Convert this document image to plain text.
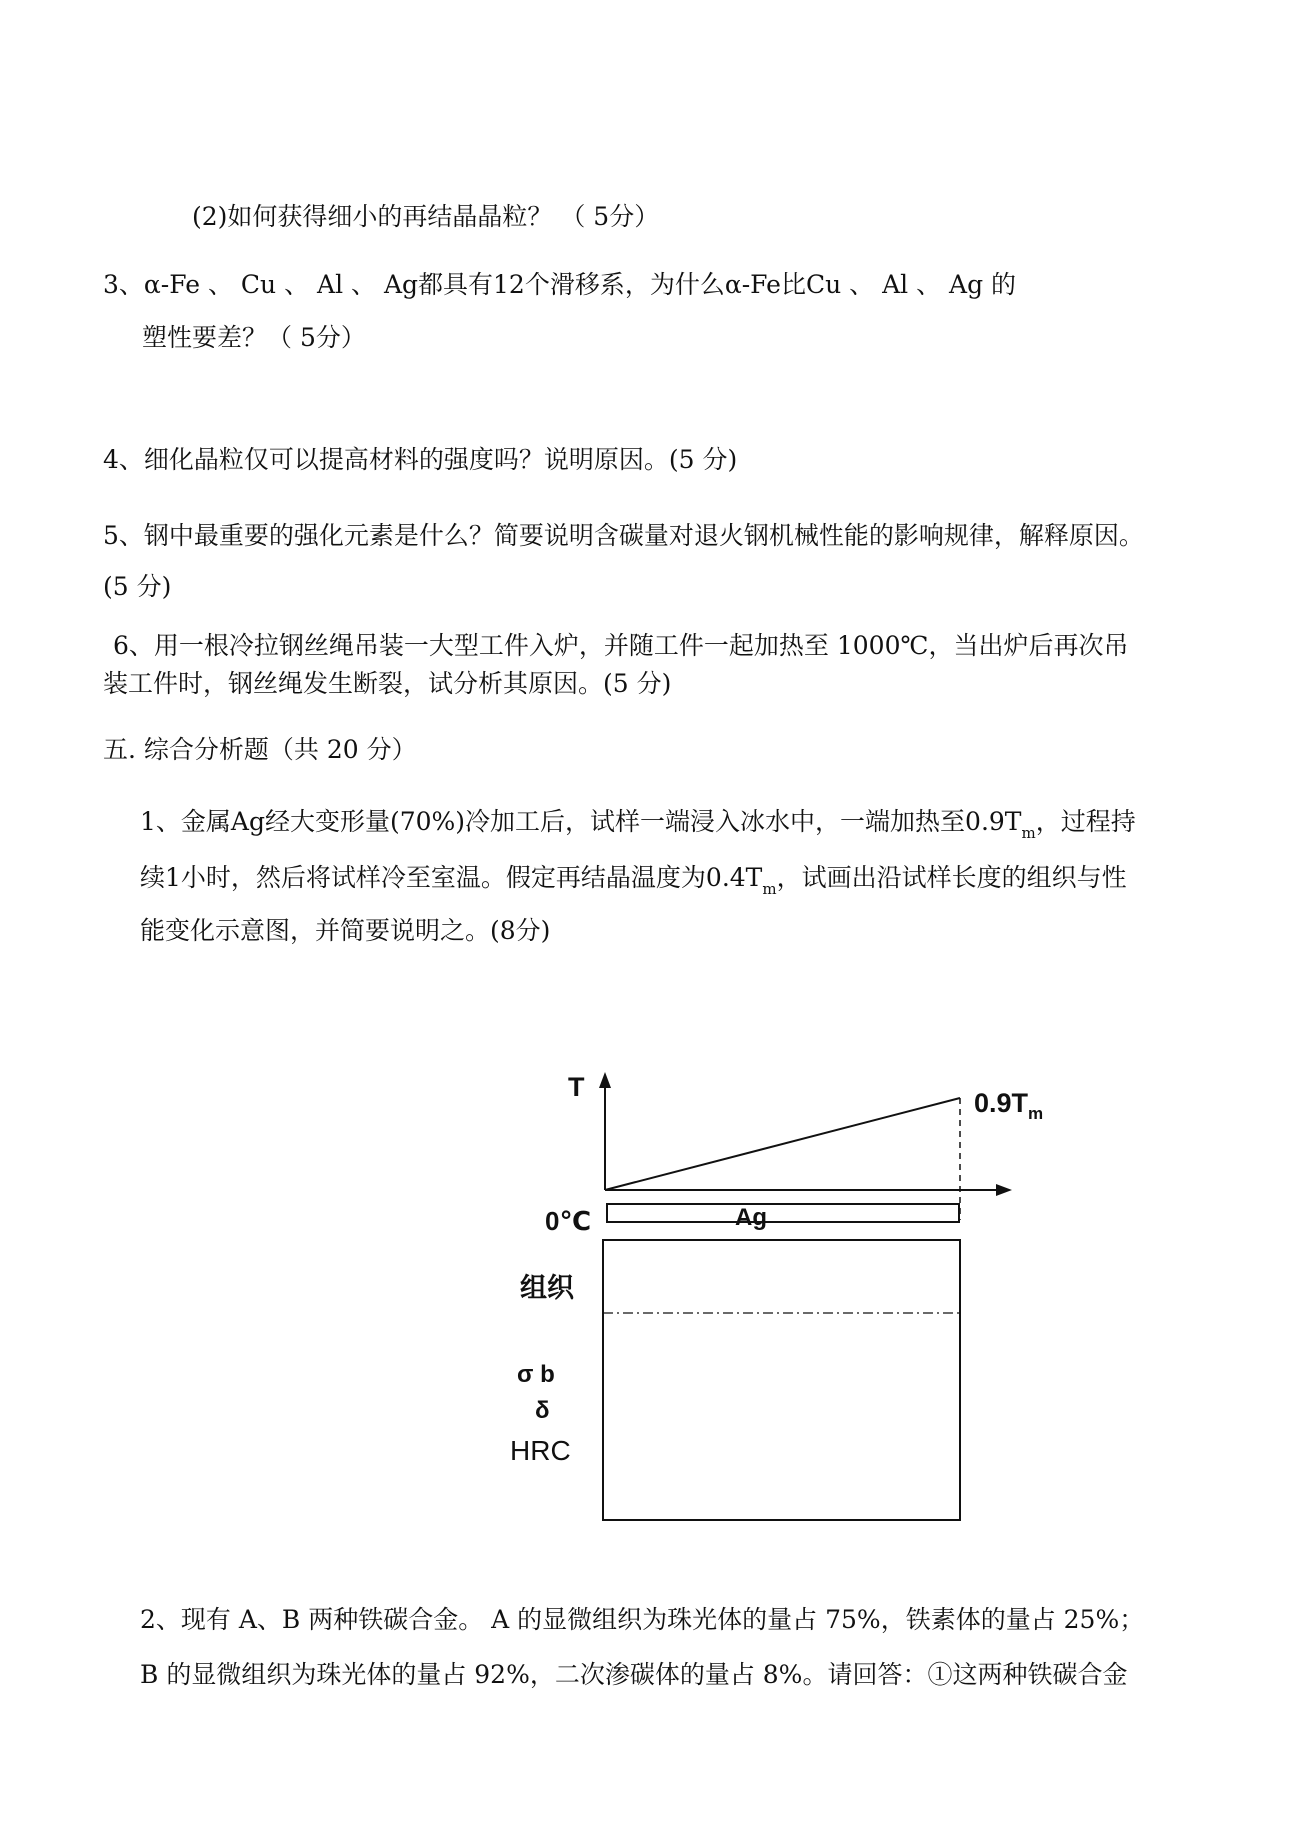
(2)如何获得细小的再结晶晶粒？ （ 5分）
3、α-Fe 、 Cu 、 Al 、 Ag都具有12个滑移系，为什么α-Fe比Cu 、 Al 、 Ag 的
塑性要差？（ 5分）
4、细化晶粒仅可以提高材料的强度吗？说明原因。(5 分)
5、钢中最重要的强化元素是什么？简要说明含碳量对退火钢机械性能的影响规律，解释原因。
(5 分)
6、用一根冷拉钢丝绳吊装一大型工件入炉，并随工件一起加热至 1000℃，当出炉后再次吊
装工件时，钢丝绳发生断裂，试分析其原因。(5 分)
五. 综合分析题（共 20 分）
1、金属Ag经大变形量(70%)冷加工后，试样一端浸入冰水中，一端加热至$0.9T_m$，过程持
续1小时，然后将试样冷至室温。假定再结晶温度为$0.4T_m$，试画出沿试样长度的组织与性
能变化示意图，并简要说明之。(8分)
T
$0.9T_m$
0℃	Ag
组织
σ b
δ
HRC
2、现有 A、B 两种铁碳合金。 A 的显微组织为珠光体的量占 75%，铁素体的量占 25%；
B 的显微组织为珠光体的量占 92%，二次渗碳体的量占 8%。请回答：①这两种铁碳合金
